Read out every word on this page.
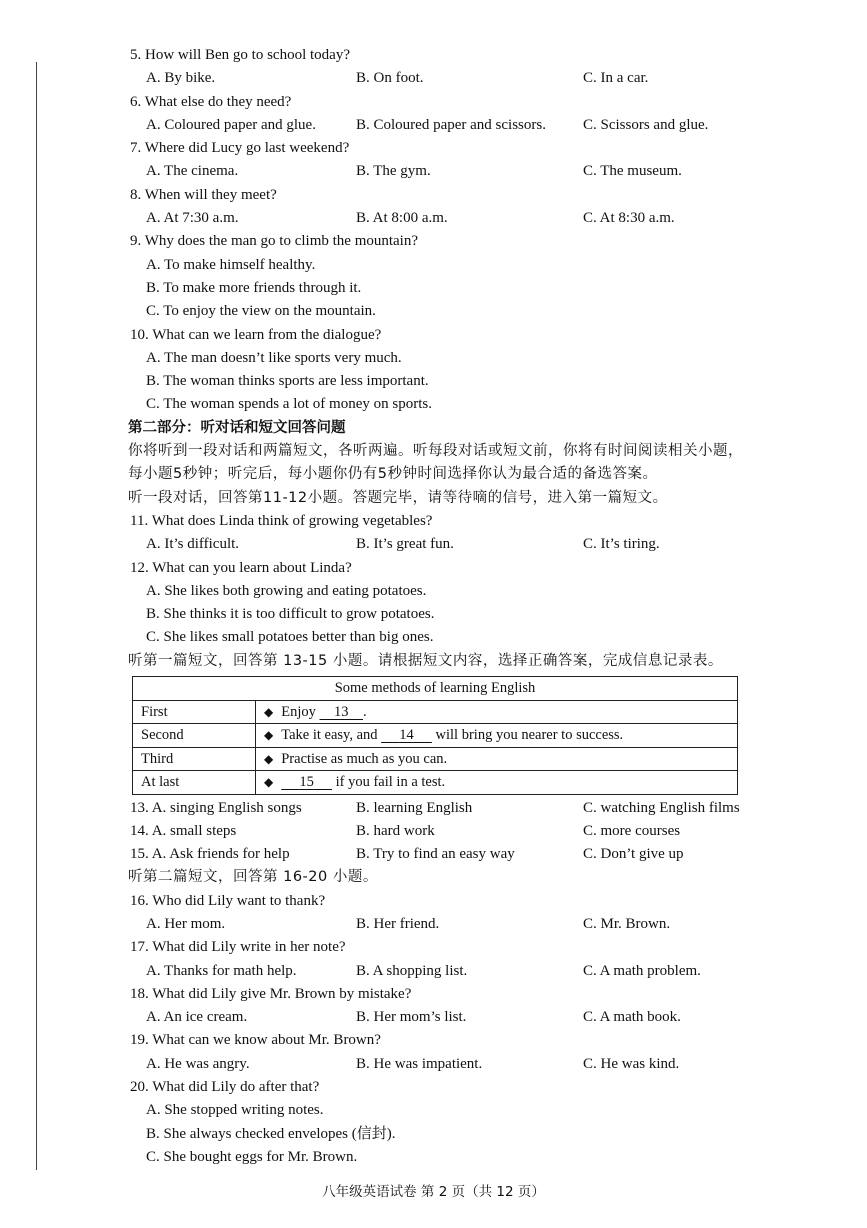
5. How will Ben go to school today?
A. By bike.	B. On foot.	C. In a car.
6. What else do they need?
A. Coloured paper and glue.	B. Coloured paper and scissors. C. Scissors and glue.
7. Where did Lucy go last weekend?
A. The cinema.	B. The gym.	C. The museum.
8. When will they meet?
A. At 7:30 a.m.	B. At 8:00 a.m.	C. At 8:30 a.m.
9. Why does the man go to climb the mountain?
A. To make himself healthy.
B. To make more friends through it.
C. To enjoy the view on the mountain.
10. What can we learn from the dialogue?
A. The man doesn’t like sports very much.
B. The woman thinks sports are less important.
C. The woman spends a lot of money on sports.
第二部分：听对话和短文回答问题
你将听到一段对话和两篇短文，各听两遍。听每段对话或短文前，你将有时间阅读相关小题，
每小题5秒钟；听完后，每小题你仍有5秒钟时间选择你认为最合适的备选答案。
听一段对话，回答第11-12小题。答题完毕，请等待嘀的信号，进入第一篇短文。
11. What does Linda think of growing vegetables?
A. It’s difficult.	B. It’s great fun.	C. It’s tiring.
12. What can you learn about Linda?
A. She likes both growing and eating potatoes.
B. She thinks it is too difficult to grow potatoes.
C. She likes small potatoes better than big ones.
听第一篇短文，回答第 13-15 小题。请根据短文内容，选择正确答案，完成信息记录表。
Some methods of learning English	
First	◆ Enjoy 13 .
Second	◆ Take it easy, and 14 will bring you nearer to success.
Third	◆ Practise as much as you can.
At last	◆ 15 if you fail in a test.
13. A. singing English songs	B. learning English	C. watching English films
14. A. small steps	B. hard work	C. more courses
15. A. Ask friends for help	B. Try to find an easy way	C. Don’t give up
听第二篇短文，回答第 16-20 小题。
16. Who did Lily want to thank?
A. Her mom.	B. Her friend.	C. Mr. Brown.
17. What did Lily write in her note?
A. Thanks for math help.	B. A shopping list.	C. A math problem.
18. What did Lily give Mr. Brown by mistake?
A. An ice cream.	B. Her mom’s list.	C. A math book.
19. What can we know about Mr. Brown?
A. He was angry.	B. He was impatient.	C. He was kind.
20. What did Lily do after that?
A. She stopped writing notes.
B. She always checked envelopes (信封).
C. She bought eggs for Mr. Brown.
八年级英语试卷 第 2 页（共 12 页）
